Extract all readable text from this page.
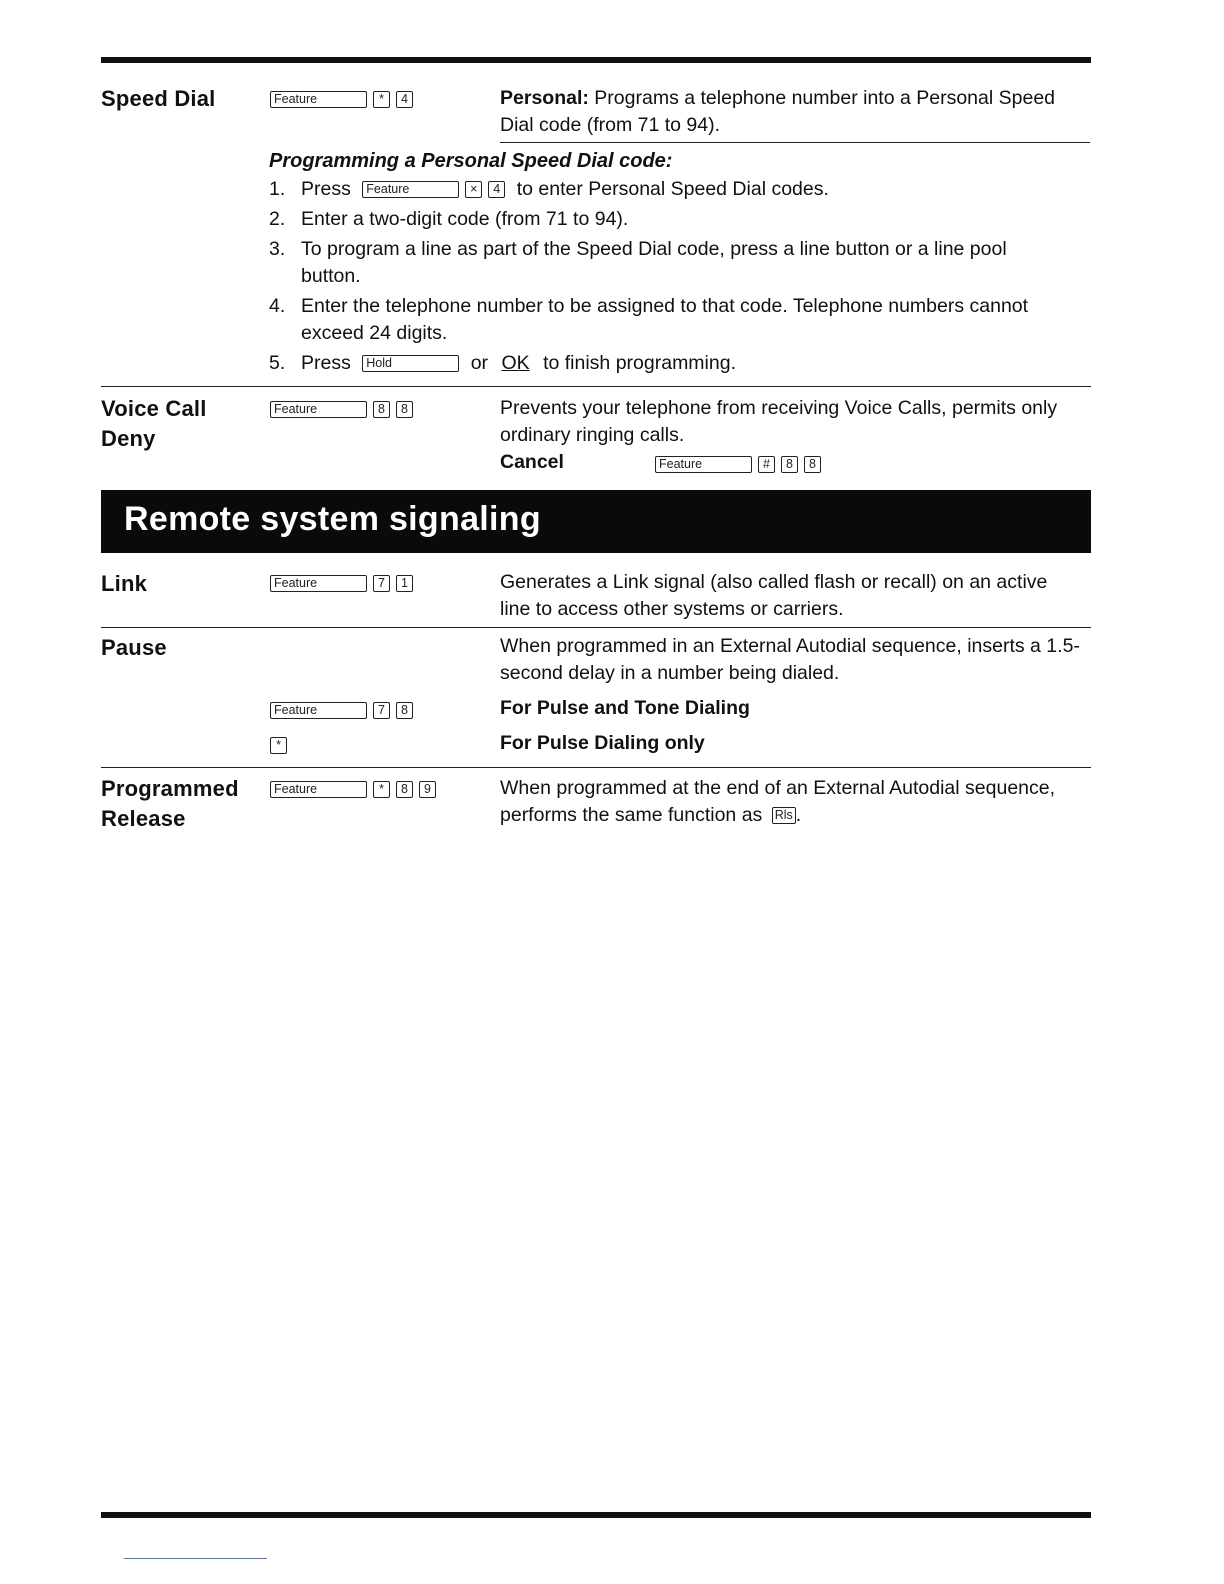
Speed Dial	Feature	*	4	Personal: Programs a telephone number into a Personal Speed Dial code (from 71 to 94).
Programming a Personal Speed Dial code:
1. Press Feature	× 4 to enter Personal Speed Dial codes.
2. Enter a two-digit code (from 71 to 94).
3. To program a line as part of the Speed Dial code, press a line button or a line pool button.
4. Enter the telephone number to be assigned to that code. Telephone numbers cannot exceed 24 digits.
5. Press Hold	or OK to finish programming.
Voice Call
Deny
Feature	8	8	Prevents your telephone from receiving Voice Calls, permits only ordinary ringing calls.
Cancel	Feature	#	8	8
Remote system signaling
Link	Feature	7	1	Generates a Link signal (also called flash or recall) on an active line to access other systems or carriers.
Pause	When programmed in an External Autodial sequence, inserts a 1.5-second delay in a number being dialed.
Feature	7	8	For Pulse and Tone Dialing
*	For Pulse Dialing only
Programmed
Release
Feature	*	8	9	When programmed at the end of an External Autodial sequence, performs the same function as Rls .
